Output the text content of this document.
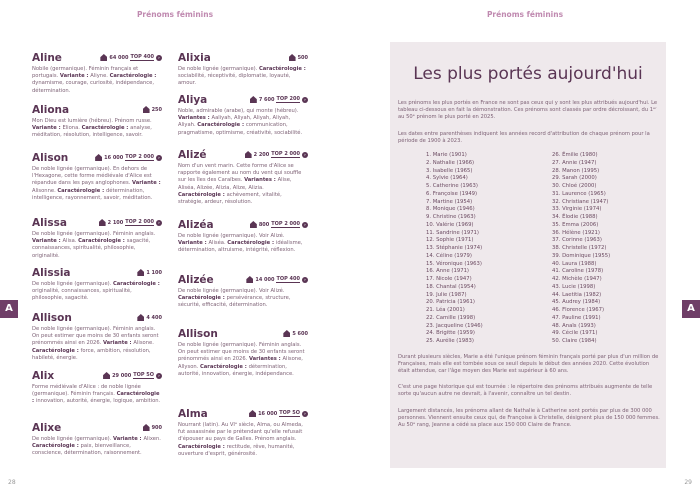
Prénoms féminins
A
28
Aline	64 000 TOP 400	›
Nobile (germanique). Féminin français et portugais. Variante : Aliyne. Caractérologie : dynamisme, courage, curiosité, indépendance, détermination.
Aliona	250
Mon Dieu est lumière (hébreu). Prénom russe. Variante : Eliona. Caractérologie : analyse, méditation, résolution, intelligence, savoir.
Alison	16 000 TOP 2 000	›
De noble lignée (germanique). En dehors de l'Hexagone, cette forme médiévale d'Alice est répandue dans les pays anglophones. Variante : Alisonne. Caractérologie : détermination, intelligence, rayonnement, savoir, méditation.
Alissa	2 100 TOP 2 000	›
De noble lignée (germanique). Féminin anglais. Variante : Alisa. Caractérologie : sagacité, connaissances, spiritualité, philosophie, originalité.
Alissia	1 100
De noble lignée (germanique). Caractérologie : originalité, connaissances, spiritualité, philosophie, sagacité.
Allison	4 400
De noble lignée (germanique). Féminin anglais. On peut estimer que moins de 30 enfants seront prénommés ainsi en 2026. Variante : Alisone. Caractérologie : force, ambition, résolution, habileté, énergie.
Alix	29 000 TOP 5O	›
Forme médiévale d'Alice : de noble lignée (germanique). Féminin français. Caractérologie : innovation, autorité, énergie, logique, ambition.
Alixe	900
De noble lignée (germanique). Variante : Alixen. Caractérologie : paix, bienveillance, conscience, détermination, raisonnement.
Alixia	500
De noble lignée (germanique). Caractérologie : sociabilité, réceptivité, diplomatie, loyauté, amour.
Aliya	7 600 TOP 200	›
Noble, admirable (arabe), qui monte (hébreu). Variantes : Aaliyah, Aliyah, Aliyah, Aliyah, Aliyah. Caractérologie : communication, pragmatisme, optimisme, créativité, sociabilité.
Alizé	2 200 TOP 2 000	›
Nom d'un vent marin. Cette forme d'Alice se rapporte également au nom du vent qui souffle sur les îles des Caraïbes. Variantes : Alise, Aliséa, Alizée, Alizia, Alize, Alizia. Caractérologie : achèvement, vitalité, stratégie, ardeur, résolution.
Alizéa	800 TOP 2 000	›
De noble lignée (germanique). Voir Alizé. Variante : Aliséa. Caractérologie : idéalisme, détermination, altruisme, intégrité, réflexion.
Alizée	14 000 TOP 400	›
De noble lignée (germanique). Voir Alizé. Caractérologie : persévérance, structure, sécurité, efficacité, détermination.
Allison	5 600
De noble lignée (germanique). Féminin anglais. On peut estimer que moins de 30 enfants seront prénommés ainsi en 2026. Variantes : Alisone, Allyson. Caractérologie : détermination, autorité, innovation, énergie, indépendance.
Alma	16 000 TOP 5O	›
Nourrant (latin). Au VIᵉ siècle, Alma, ou Almeda, fut assassinée par le prétendant qu'elle refusait d'épouser au pays de Galles. Prénom anglais. Caractérologie : rectitude, rêve, humanité, ouverture d'esprit, générosité.
Prénoms féminins
A
29
Les plus portés aujourd'hui
Les prénoms les plus portés en France ne sont pas ceux qui y sont les plus attribués aujourd'hui. Le tableau ci-dessous en fait la démonstration. Ces prénoms sont classés par ordre décroissant, du 1ᵉʳ au 50ᵉ prénom le plus porté en 2025.
Les dates entre parenthèses indiquent les années record d'attribution de chaque prénom pour la période de 1900 à 2023.
1. Marie (1901)
2. Nathalie (1966)
3. Isabelle (1965)
4. Sylvie (1964)
5. Catherine (1963)
6. Françoise (1949)
7. Martine (1954)
8. Monique (1946)
9. Christine (1963)
10. Valérie (1969)
11. Sandrine (1971)
12. Sophie (1971)
13. Stéphanie (1974)
14. Céline (1979)
15. Véronique (1963)
16. Anne (1971)
17. Nicole (1947)
18. Chantal (1954)
19. Julie (1987)
20. Patricia (1961)
21. Léa (2001)
22. Camille (1998)
23. Jacqueline (1946)
24. Brigitte (1959)
25. Aurélie (1983)
26. Émilie (1980)
27. Annie (1947)
28. Manon (1995)
29. Sarah (2000)
30. Chloé (2000)
31. Laurence (1965)
32. Christiane (1947)
33. Virginie (1974)
34. Élodie (1988)
35. Emma (2006)
36. Hélène (1921)
37. Corinne (1963)
38. Christelle (1972)
39. Dominique (1955)
40. Laura (1988)
41. Caroline (1978)
42. Michèle (1947)
43. Lucie (1998)
44. Laetitia (1982)
45. Audrey (1984)
46. Florence (1967)
47. Pauline (1991)
48. Anaïs (1993)
49. Cécile (1971)
50. Claire (1984)
Durant plusieurs siècles, Marie a été l'unique prénom féminin français porté par plus d'un million de Françaises, mais elle est tombée sous ce seuil depuis le début des années 2020. Cette évolution était attendue, car l'âge moyen des Marie est supérieur à 60 ans.
C'est une page historique qui est tournée : le répertoire des prénoms attribués augmente de telle sorte qu'aucun autre ne devrait, à l'avenir, connaître un tel destin.
Largement distancés, les prénoms allant de Nathalie à Catherine sont portés par plus de 300 000 personnes. Viennent ensuite ceux qui, de Françoise à Christelle, désignent plus de 150 000 femmes. Au 50ᵉ rang, Jeanne a cédé sa place aux 150 000 Claire de France.
